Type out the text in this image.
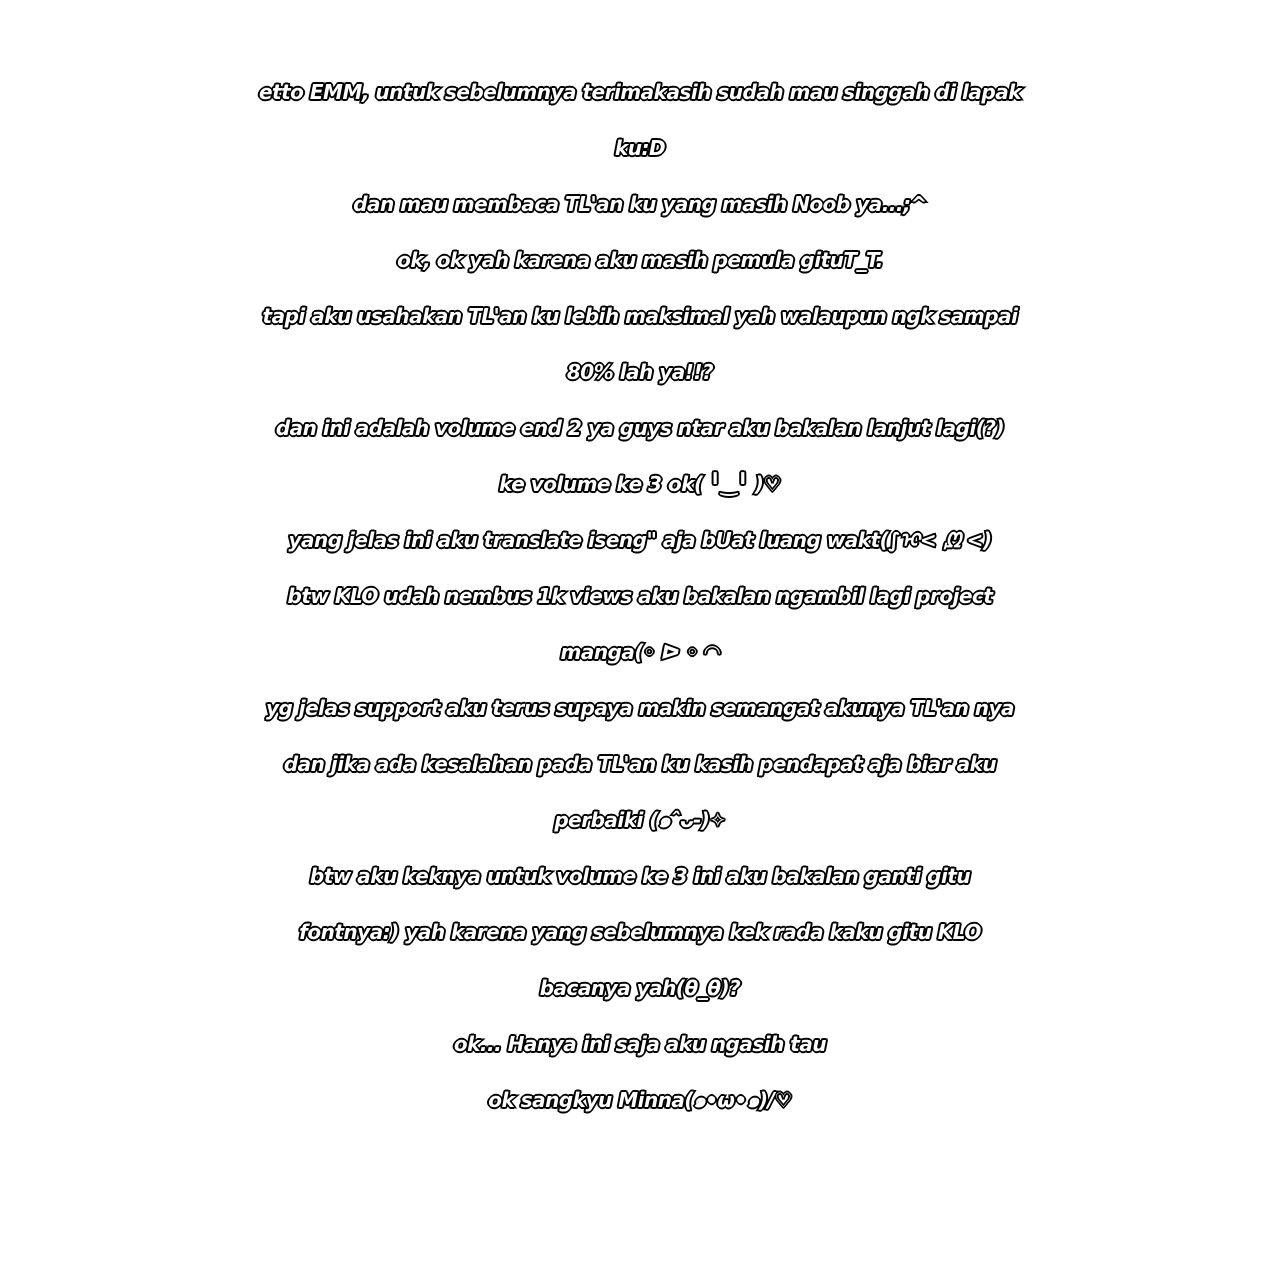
etto EMM, untuk sebelumnya terimakasih sudah mau singgah di lapak
ku:D
dan mau membaca TL'an ku yang masih Noob ya...;^
ok, ok yah karena aku masih pemula gituT_T.
tapi aku usahakan TL'an ku lebih maksimal yah walaupun ngk sampai
80% lah ya!!?
dan ini adalah volume end 2 ya guys ntar aku bakalan lanjut lagi(?)
ke volume ke 3 ok( ╹‿╹ )♡
yang jelas ini aku translate iseng" aja bUat luang wakt(∫ᢈ< ᘻ <)
btw KLO udah nembus 1k views aku bakalan ngambil lagi project
manga(◦ ᐅ ◦ ◠
yg jelas support aku terus supaya makin semangat akunya TL'an nya
dan jika ada kesalahan pada TL'an ku kasih pendapat aja biar aku
perbaiki (๑ˆᴗ-)✧
btw aku keknya untuk volume ke 3 ini aku bakalan ganti gitu
fontnya:) yah karena yang sebelumnya kek rada kaku gitu KLO
bacanya yah(θ_θ)?
ok... Hanya ini saja aku ngasih tau
ok sangkyu Minna(๑•ω•๑)/♡
